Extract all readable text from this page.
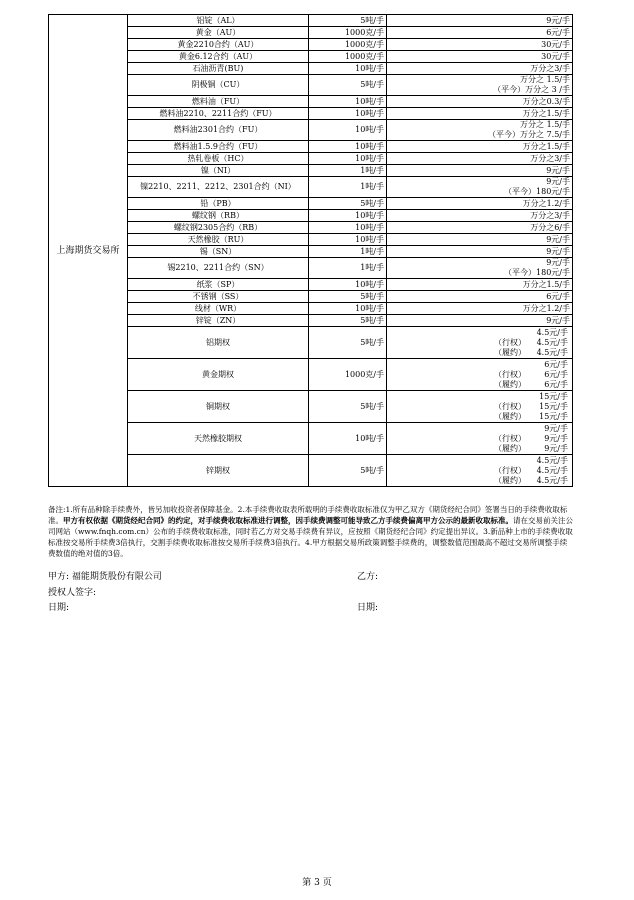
上海期货交易所	铝锭（AL）	5吨/手	9元/手

	黄金（AU）	1000克/手	6元/手

	黄金2210合约（AU）	1000克/手	30元/手

	黄金6.12合约（AU）	1000克/手	30元/手

	石油沥青(BU)	10吨/手	万分之3/手

	阴极铜（CU）	5吨/手	万分之 1.5/手
（平今）万分之 3 /手

	燃料油（FU）	10吨/手	万分之0.3/手

	燃料油2210、2211合约（FU）	10吨/手	万分之1.5/手

	燃料油2301合约（FU）	10吨/手	万分之 1.5/手
（平今）万分之 7.5/手

	燃料油1.5.9合约（FU）	10吨/手	万分之1.5/手

	热轧卷板（HC）	10吨/手	万分之3/手

	镍（NI）	1吨/手	9元/手

	镍2210、2211、2212、2301合约（NI）	1吨/手	9元/手
（平今）180元/手

	铅（PB）	5吨/手	万分之1.2/手

	螺纹钢（RB）	10吨/手	万分之3/手

	螺纹钢2305合约（RB）	10吨/手	万分之6/手

	天然橡胶（RU）	10吨/手	9元/手

	锡（SN）	1吨/手	9元/手

	锡2210、2211合约（SN）	1吨/手	9元/手
（平今）180元/手

	纸浆（SP）	10吨/手	万分之1.5/手

	不锈钢（SS）	5吨/手	6元/手

	线材（WR）	10吨/手	万分之1.2/手

	锌锭（ZN）	5吨/手	9元/手

	铝期权	5吨/手	4.5元/手
（行权） 4.5元/手
（履约） 4.5元/手

	黄金期权	1000克/手	6元/手
（行权） 6元/手
（履约） 6元/手

	铜期权	5吨/手	15元/手
（行权） 15元/手
（履约） 15元/手

	天然橡胶期权	10吨/手	9元/手
（行权） 9元/手
（履约） 9元/手

	锌期权	5吨/手	4.5元/手
（行权） 4.5元/手
（履约） 4.5元/手
备注:1.所有品种除手续费外，皆另加收投资者保障基金。2.本手续费收取表所载明的手续费收取标准仅为甲乙双方《期货经纪合同》签署当日的手续费收取标准。甲方有权依据《期货经纪合同》的约定，对手续费收取标准进行调整，因手续费调整可能导致乙方手续费偏离甲方公示的最新收取标准。请在交易前关注公司网站（www.fnqh.com.cn）公布的手续费收取标准，同时若乙方对交易手续费有异议，应按照《期货经纪合同》约定提出异议。3.新品种上市的手续费收取标准按交易所手续费3倍执行，交割手续费收取标准按交易所手续费3倍执行。4.甲方根据交易所政策调整手续费的，调整数值范围最高不超过交易所调整手续费数值的绝对值的3倍。
甲方: 福能期货股份有限公司	乙方:
授权人签字:
日期:	日期:
第 3 页
